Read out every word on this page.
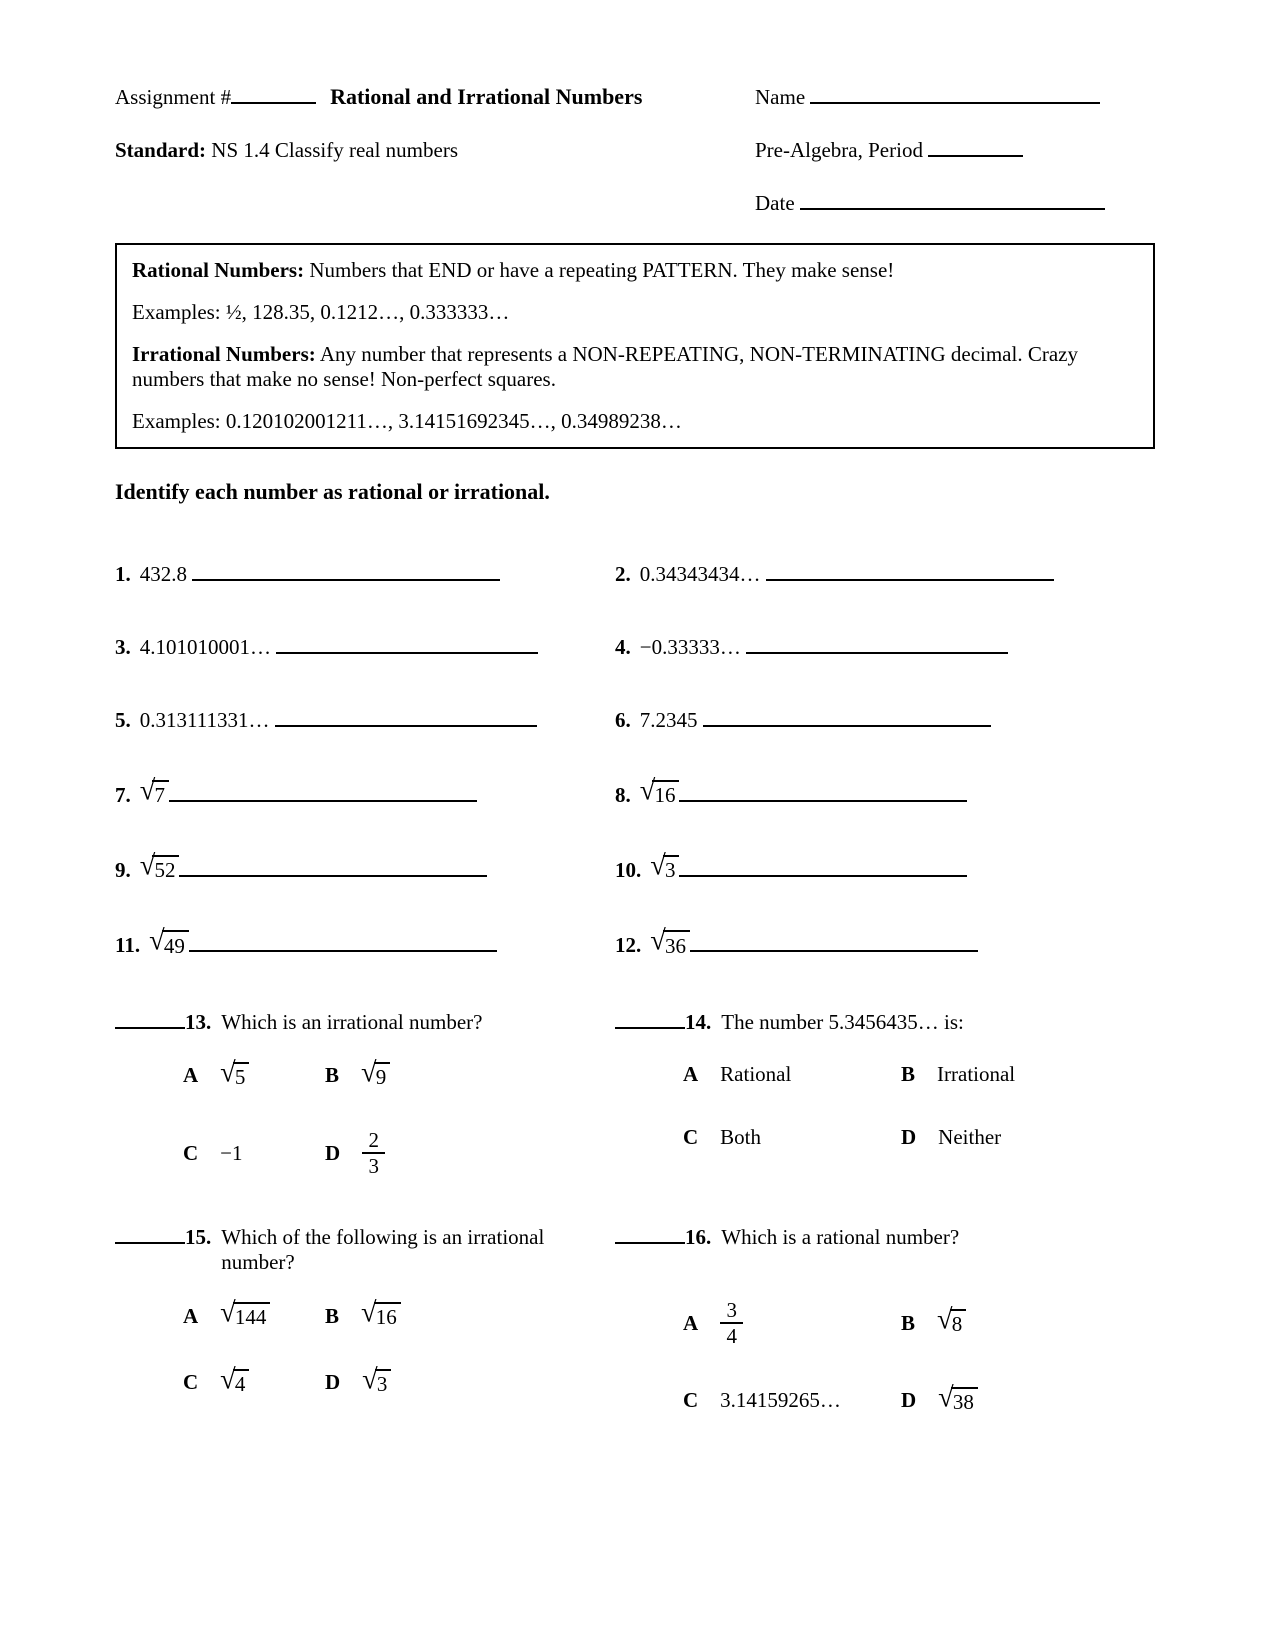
Assignment #	Rational and Irrational Numbers	Name
Standard: NS 1.4 Classify real numbers	Pre-Algebra, Period
Date

Rational Numbers: Numbers that END or have a repeating PATTERN. They make sense!

Examples: ½, 128.35, 0.1212…, 0.333333…

Irrational Numbers: Any number that represents a NON-REPEATING, NON-TERMINATING decimal. Crazy numbers that make no sense! Non-perfect squares.

Examples: 0.120102001211…, 3.14151692345…, 0.34989238…

Identify each number as rational or irrational.

1. 432.8	2. 0.34343434…
3. 4.101010001…	4. −0.33333…
5. 0.313111331…	6. 7.2345
7. √ 7	8. √ 16
9. √ 52	10. √ 3
11. √ 49	12. √ 36
13. Which is an irrational number?
A √ 5	B √ 9
C −1	D $\frac{2}{3}$
14. The number 5.3456435… is:
A Rational	B Irrational
C Both	D Neither
15. Which of the following is an irrational number?
A √ 144	B √ 16
C √ 4	D √ 3
16. Which is a rational number?
A $\frac{3}{4}$	B √ 8
C 3.14159265…	D √ 38
